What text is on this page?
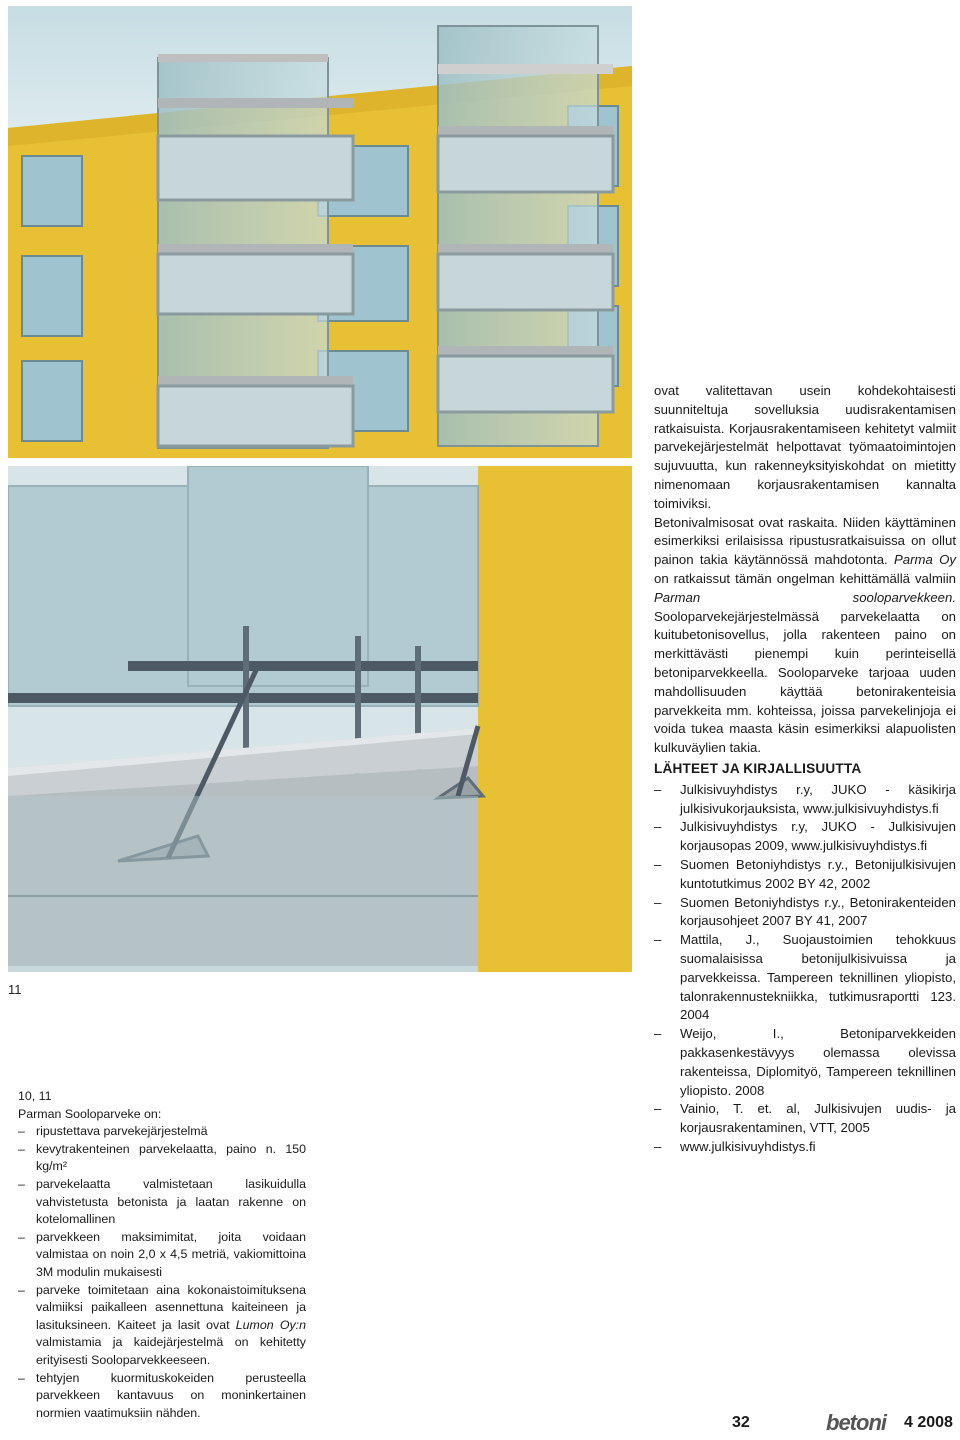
11

ovat valitettavan usein kohdekohtaisesti suunniteltuja sovelluksia uudisrakentamisen ratkaisuista. Korjausrakentamiseen kehitetyt valmiit parvekejärjestelmät helpottavat työmaatoimintojen sujuvuutta, kun rakenneyksityiskohdat on mietitty nimenomaan korjausrakentamisen kannalta toimiviksi.

Betonivalmisosat ovat raskaita. Niiden käyttäminen esimerkiksi erilaisissa ripustusratkaisuissa on ollut painon takia käytännössä mahdotonta. Parma Oy on ratkaissut tämän ongelman kehittämällä valmiin Parman sooloparvekkeen. Sooloparvekejärjestelmässä parvekelaatta on kuitubetonisovellus, jolla rakenteen paino on merkittävästi pienempi kuin perinteisellä betoniparvekkeella. Sooloparveke tarjoaa uuden mahdollisuuden käyttää betonirakenteisia parvekkeita mm. kohteissa, joissa parvekelinjoja ei voida tukea maasta käsin esimerkiksi alapuolisten kulkuväylien takia.

LÄHTEET JA KIRJALLISUUTTA
– Julkisivuyhdistys r.y, JUKO - käsikirja julkisivukorjauksista, www.julkisivuyhdistys.fi
– Julkisivuyhdistys r.y, JUKO - Julkisivujen korjausopas 2009, www.julkisivuyhdistys.fi
– Suomen Betoniyhdistys r.y., Betonijulkisivujen kuntotutkimus 2002 BY 42, 2002
– Suomen Betoniyhdistys r.y., Betonirakenteiden korjausohjeet 2007 BY 41, 2007
– Mattila, J., Suojaustoimien tehokkuus suomalaisissa betonijulkisivuissa ja parvekkeissa. Tampereen teknillinen yliopisto, talonrakennustekniikka, tutkimusraportti 123. 2004
– Weijo, I., Betoniparvekkeiden pakkasenkestävyys olemassa olevissa rakenteissa, Diplomityö, Tampereen teknillinen yliopisto. 2008
– Vainio, T. et. al, Julkisivujen uudis- ja korjausrakentaminen, VTT, 2005
– www.julkisivuyhdistys.fi
10, 11
Parman Sooloparveke on:
– ripustettava parvekejärjestelmä
– kevytrakenteinen parvekelaatta, paino n. 150 kg/m²
– parvekelaatta valmistetaan lasikuidulla vahvistetusta betonista ja laatan rakenne on kotelomallinen
– parvekkeen maksimimitat, joita voidaan valmistaa on noin 2,0 x 4,5 metriä, vakiomittoina 3M modulin mukaisesti
– parveke toimitetaan aina kokonaistoimituksena valmiiksi paikalleen asennettuna kaiteineen ja lasituksineen. Kaiteet ja lasit ovat Lumon Oy:n valmistamia ja kaidejärjestelmä on kehitetty erityisesti Sooloparvekkeeseen.
– tehtyjen kuormituskokeiden perusteella parvekkeen kantavuus on moninkertainen normien vaatimuksiin nähden.
32	betoni 4 2008
